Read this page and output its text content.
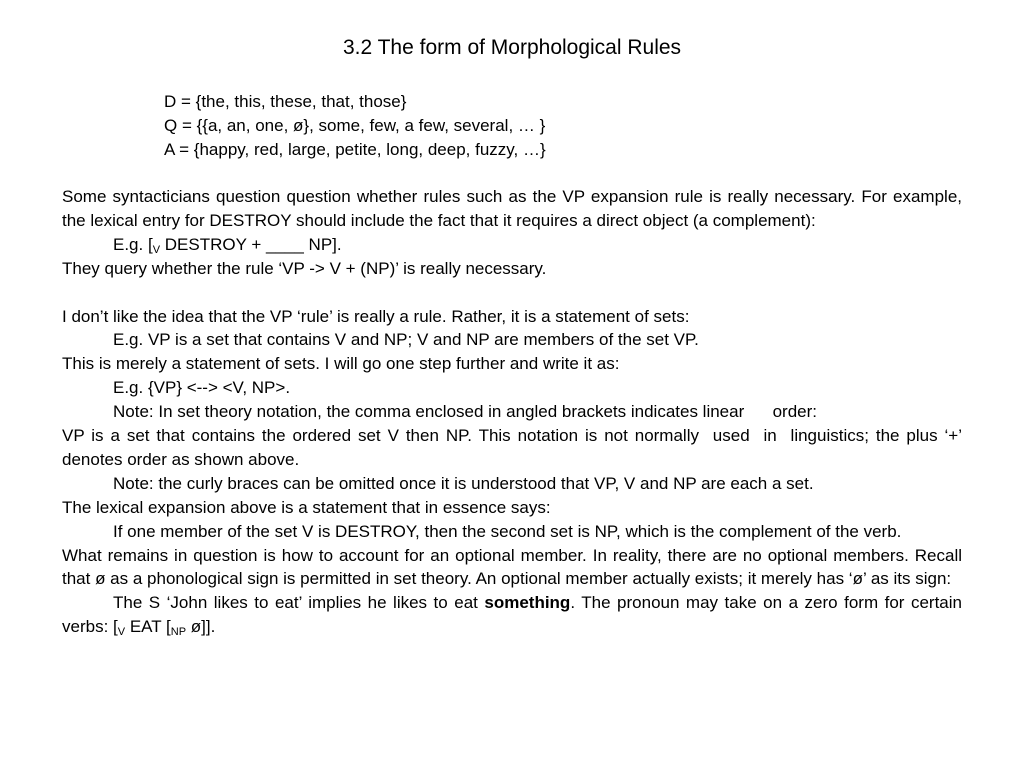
3.2 The form of Morphological Rules
D = {the, this, these, that, those}
Q = {{a, an, one, ø}, some, few, a few, several, … }
A = {happy, red, large, petite, long, deep, fuzzy, …}

Some syntacticians question question whether rules such as the VP expansion rule is really necessary. For example, the lexical entry for DESTROY should include the fact that it requires a direct object (a complement):

E.g. [$_V$ DESTROY + ____ NP].

They query whether the rule ‘VP -> V + (NP)’ is really necessary.

I don’t like the idea that the VP ‘rule’ is really a rule. Rather, it is a statement of sets:

E.g. VP is a set that contains V and NP; V and NP are members of the set VP.

This is merely a statement of sets. I will go one step further and write it as:

E.g. {VP} <--> <V, NP>.

Note: In set theory notation, the comma enclosed in angled brackets indicates linear      order:

VP is a set that contains the ordered set V then NP. This notation is not normally  used  in  linguistics; the plus ‘+’ denotes order as shown above.

Note: the curly braces can be omitted once it is understood that VP, V and NP are each a set.

The lexical expansion above is a statement that in essence says:

If one member of the set V is DESTROY, then the second set is NP, which is the complement of the verb.

What remains in question is how to account for an optional member. In reality, there are no optional members. Recall that ø as a phonological sign is permitted in set theory. An optional member actually exists; it merely has ‘ø’ as its sign:

The S ‘John likes to eat’ implies he likes to eat something. The pronoun may take on a zero form for certain verbs: [$_V$ EAT [$_{NP}$ ø]].
